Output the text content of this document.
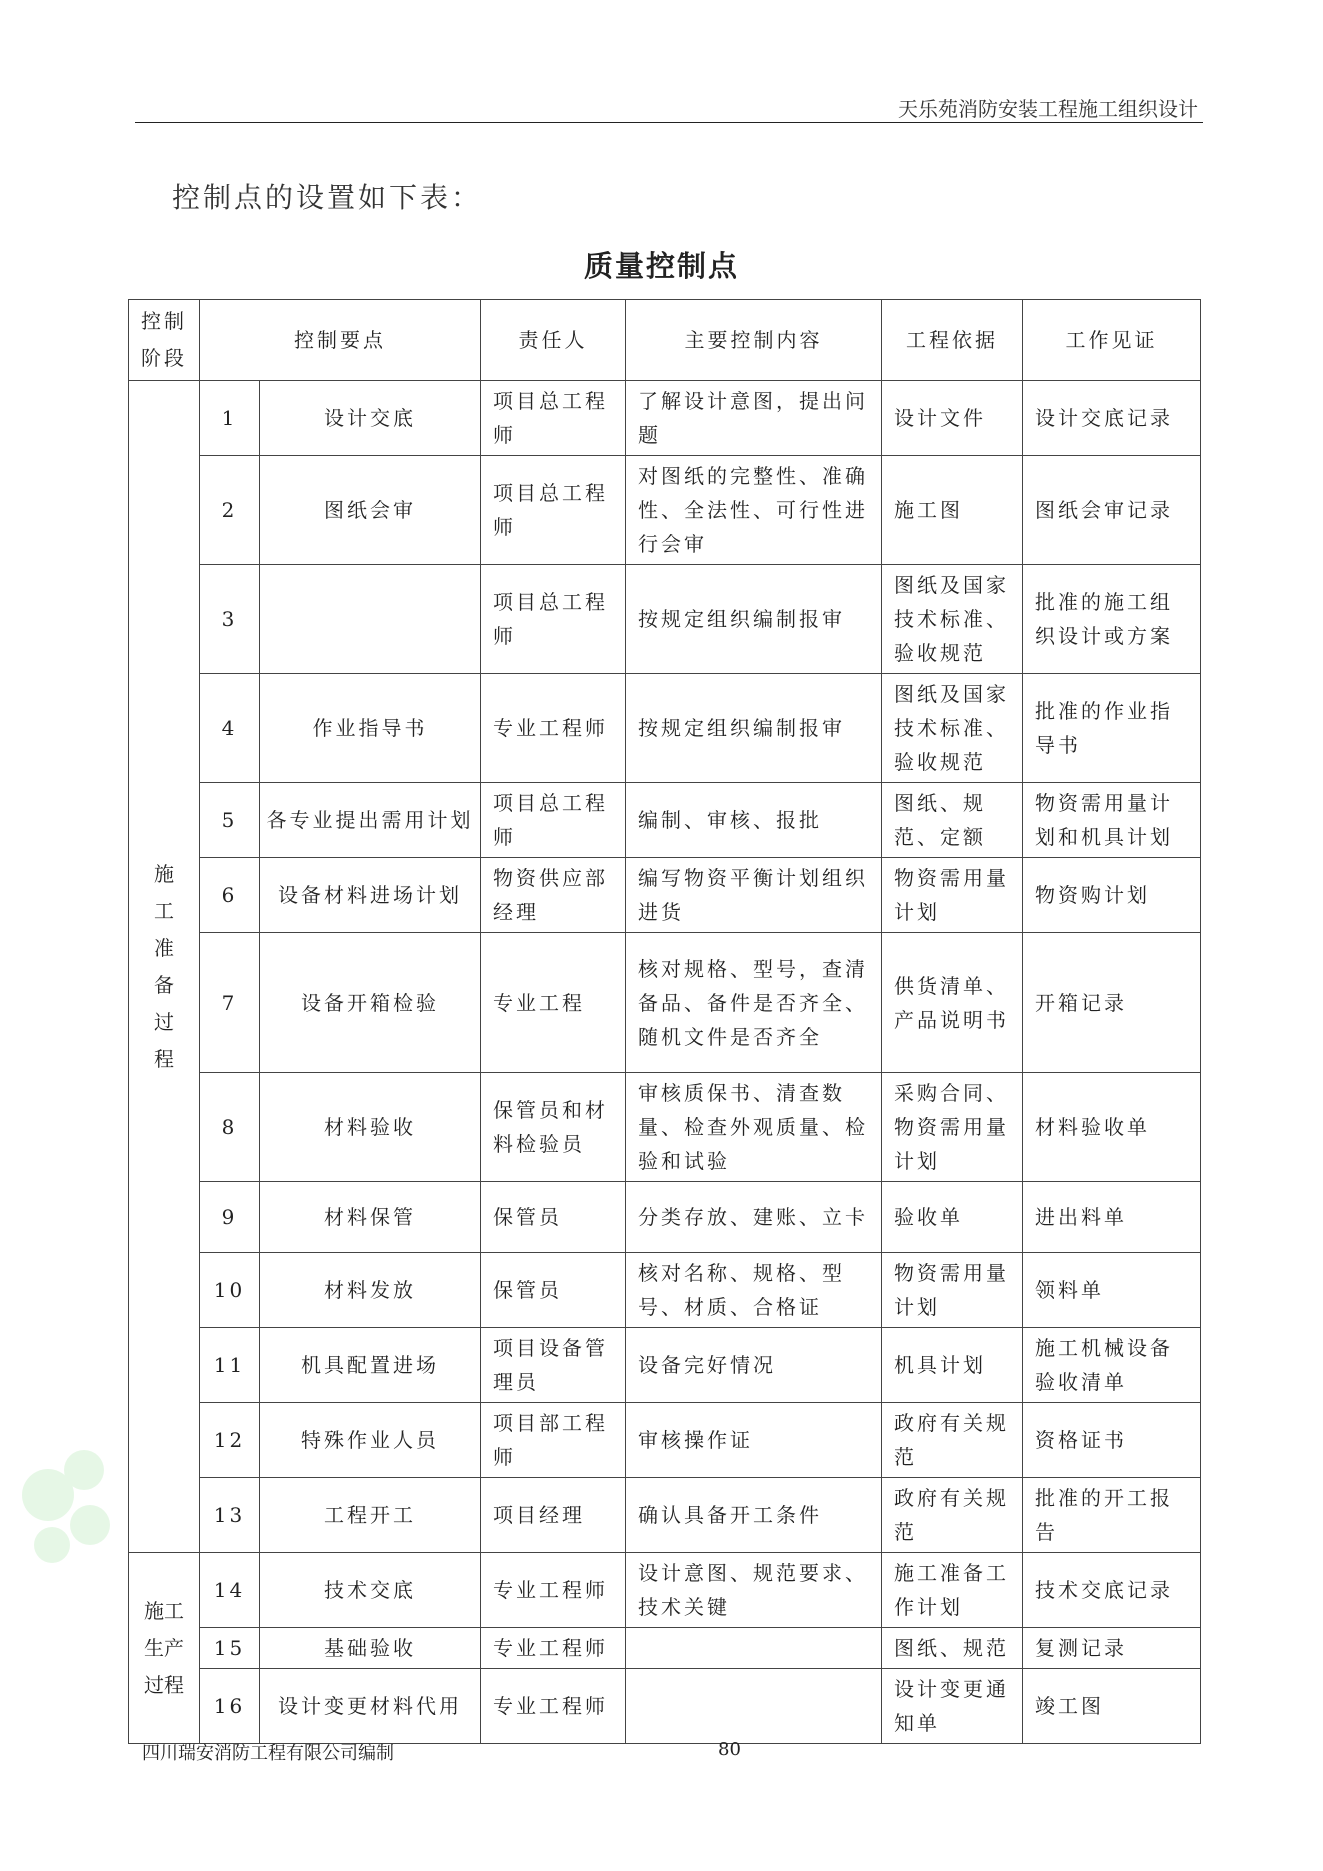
天乐苑消防安装工程施工组织设计
控制点的设置如下表：
质量控制点
控制阶段	控制要点		责任人	主要控制内容	工程依据	工作见证
施工准备过程	1	设计交底	项目总工程师	了解设计意图，提出问题	设计文件	设计交底记录
	2	图纸会审	项目总工程师	对图纸的完整性、准确性、全法性、可行性进行会审	施工图	图纸会审记录
	3		项目总工程师	按规定组织编制报审	图纸及国家技术标准、验收规范	批准的施工组织设计或方案
	4	作业指导书	专业工程师	按规定组织编制报审	图纸及国家技术标准、验收规范	批准的作业指导书
	5	各专业提出需用计划	项目总工程师	编制、审核、报批	图纸、规范、定额	物资需用量计划和机具计划
	6	设备材料进场计划	物资供应部经理	编写物资平衡计划组织进货	物资需用量计划	物资购计划
	7	设备开箱检验	专业工程	核对规格、型号，查清备品、备件是否齐全、随机文件是否齐全	供货清单、产品说明书	开箱记录
	8	材料验收	保管员和材料检验员	审核质保书、清查数量、检查外观质量、检验和试验	采购合同、物资需用量计划	材料验收单
	9	材料保管	保管员	分类存放、建账、立卡	验收单	进出料单
	10	材料发放	保管员	核对名称、规格、型号、材质、合格证	物资需用量计划	领料单
	11	机具配置进场	项目设备管理员	设备完好情况	机具计划	施工机械设备验收清单
	12	特殊作业人员	项目部工程师	审核操作证	政府有关规范	资格证书
	13	工程开工	项目经理	确认具备开工条件	政府有关规范	批准的开工报告
施工生产过程	14	技术交底	专业工程师	设计意图、规范要求、技术关键	施工准备工作计划	技术交底记录
	15	基础验收	专业工程师		图纸、规范	复测记录
	16	设计变更材料代用	专业工程师		设计变更通知单	竣工图
四川瑞安消防工程有限公司编制	80
